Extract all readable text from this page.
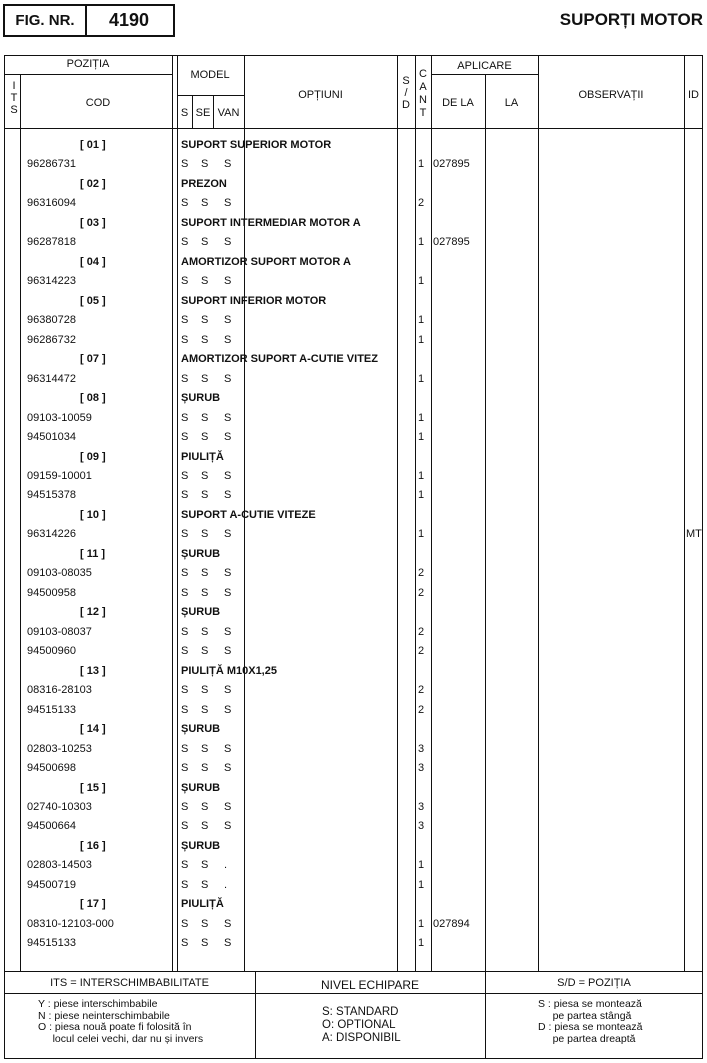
FIG. NR.	4190	SUPORȚI MOTOR
POZIȚIA
I
T
S
COD
MODEL
S SE VAN
OPȚIUNI
S
/
D
C
A
N
T
APLICARE
DE LA	LA
OBSERVAȚII	ID
[ 01 ]	SUPORT SUPERIOR MOTOR
96286731	S S S	1 027895
[ 02 ]	PREZON
96316094	S S S	2
[ 03 ]	SUPORT INTERMEDIAR MOTOR A
96287818	S S S	1 027895
[ 04 ]	AMORTIZOR SUPORT MOTOR A
96314223	S S S	1
[ 05 ]	SUPORT INFERIOR MOTOR
96380728	S S S	1
96286732	S S S	1
[ 07 ]	AMORTIZOR SUPORT A-CUTIE VITEZ
96314472	S S S	1
[ 08 ]	ȘURUB
09103-10059	S S S	1
94501034	S S S	1
[ 09 ]	PIULIȚĂ
09159-10001	S S S	1
94515378	S S S	1
[ 10 ]	SUPORT A-CUTIE VITEZE
96314226	S S S	1	MT
[ 11 ]	ȘURUB
09103-08035	S S S	2
94500958	S S S	2
[ 12 ]	ȘURUB
09103-08037	S S S	2
94500960	S S S	2
[ 13 ]	PIULIȚĂ M10X1,25
08316-28103	S S S	2
94515133	S S S	2
[ 14 ]	ȘURUB
02803-10253	S S S	3
94500698	S S S	3
[ 15 ]	ȘURUB
02740-10303	S S S	3
94500664	S S S	3
[ 16 ]	ȘURUB
02803-14503	S S .	1
94500719	S S .	1
[ 17 ]	PIULIȚĂ
08310-12103-000	S S S	1 027894
94515133	S S S	1
ITS = INTERSCHIMBABILITATE
Y : piese interschimbabile
N : piese neinterschimbabile
O : piesa nouă poate fi folosită în
locul celei vechi, dar nu și invers
NIVEL ECHIPARE
S: STANDARD
O: OPTIONAL
A: DISPONIBIL
S/D = POZIȚIA
S : piesa se montează
pe partea stângă
D : piesa se montează
pe partea dreaptă
